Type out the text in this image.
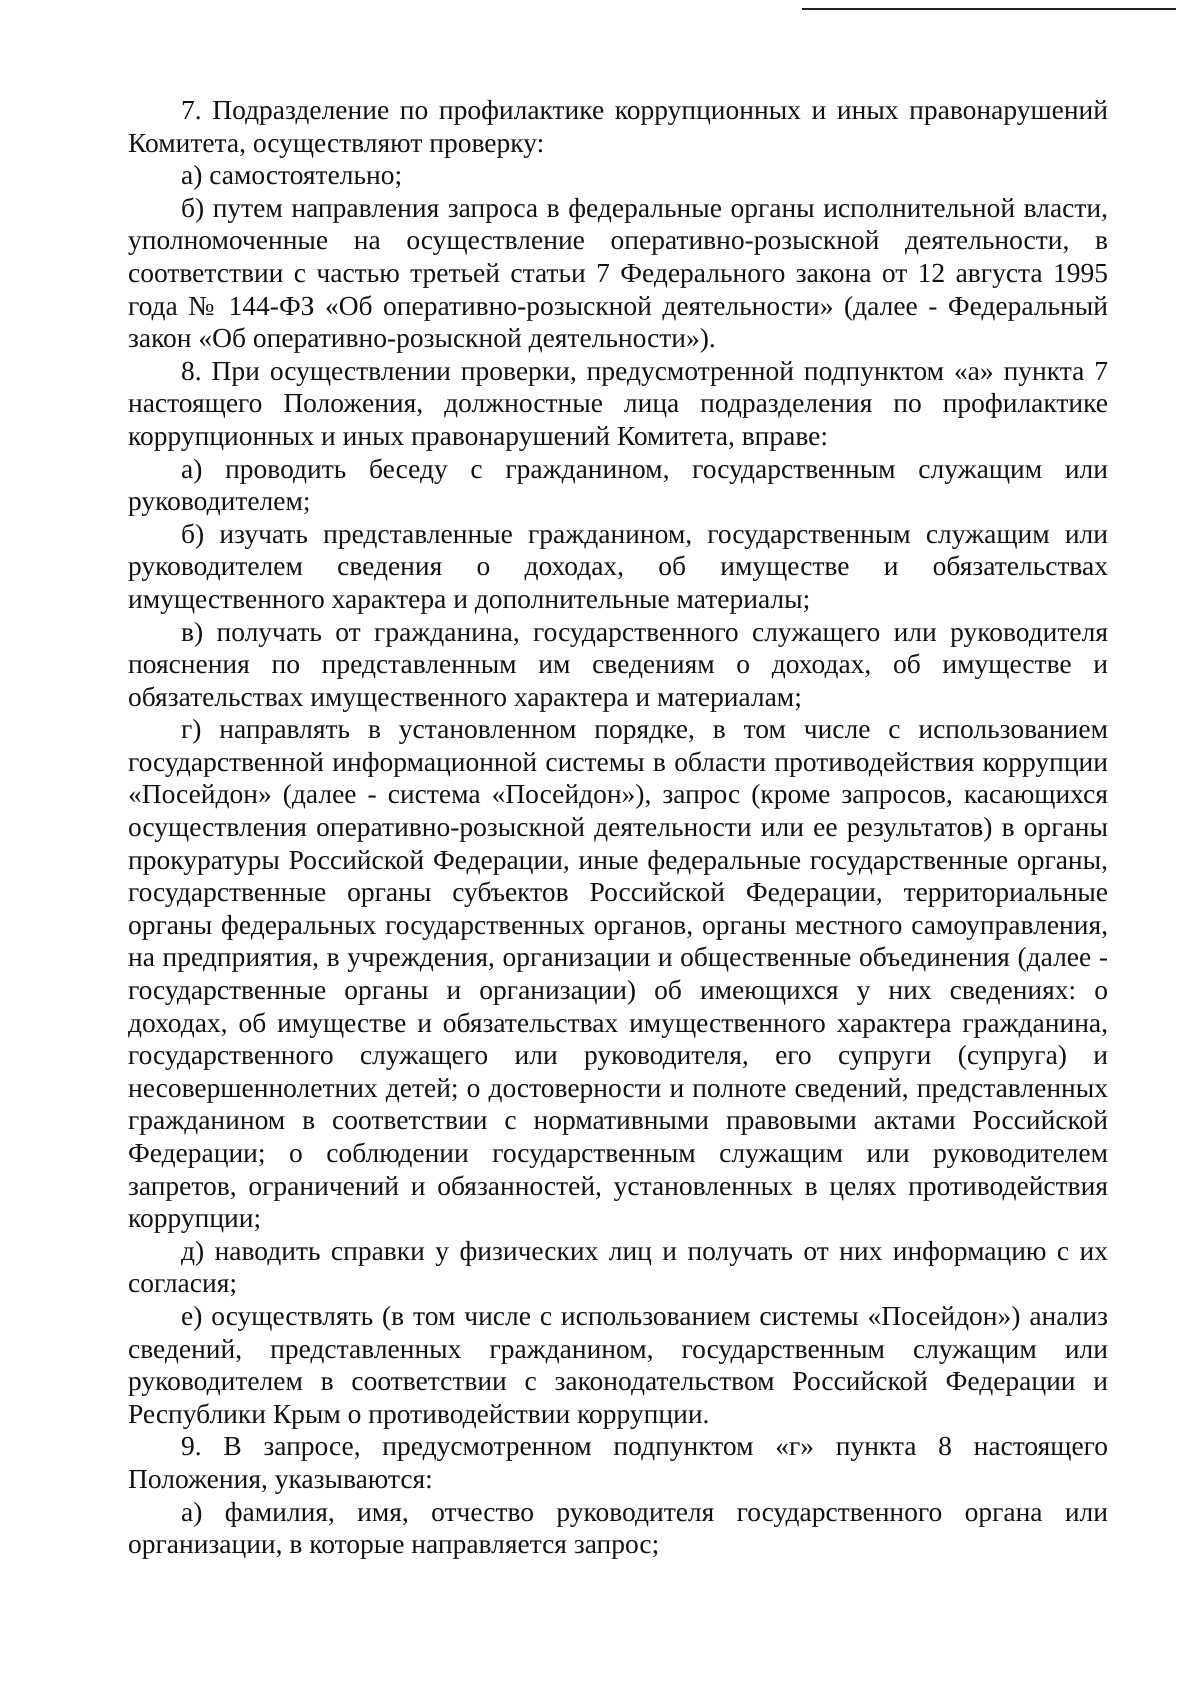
7. Подразделение по профилактике коррупционных и иных правонарушений Комитета, осуществляют проверку:

а) самостоятельно;

б) путем направления запроса в федеральные органы исполнительной власти, уполномоченные на осуществление оперативно-розыскной деятельности, в соответствии с частью третьей статьи 7 Федерального закона от 12 августа 1995 года № 144-ФЗ «Об оперативно-розыскной деятельности» (далее - Федеральный закон «Об оперативно-розыскной деятельности»).

8. При осуществлении проверки, предусмотренной подпунктом «а» пункта 7 настоящего Положения, должностные лица подразделения по профилактике коррупционных и иных правонарушений Комитета, вправе:

а) проводить беседу с гражданином, государственным служащим или руководителем;

б) изучать представленные гражданином, государственным служащим или руководителем сведения о доходах, об имуществе и обязательствах имущественного характера и дополнительные материалы;

в) получать от гражданина, государственного служащего или руководителя пояснения по представленным им сведениям о доходах, об имуществе и обязательствах имущественного характера и материалам;

г) направлять в установленном порядке, в том числе с использованием государственной информационной системы в области противодействия коррупции «Посейдон» (далее - система «Посейдон»), запрос (кроме запросов, касающихся осуществления оперативно-розыскной деятельности или ее результатов) в органы прокуратуры Российской Федерации, иные федеральные государственные органы, государственные органы субъектов Российской Федерации, территориальные органы федеральных государственных органов, органы местного самоуправления, на предприятия, в учреждения, организации и общественные объединения (далее - государственные органы и организации) об имеющихся у них сведениях: о доходах, об имуществе и обязательствах имущественного характера гражданина, государственного служащего или руководителя, его супруги (супруга) и несовершеннолетних детей; о достоверности и полноте сведений, представленных гражданином в соответствии с нормативными правовыми актами Российской Федерации; о соблюдении государственным служащим или руководителем запретов, ограничений и обязанностей, установленных в целях противодействия коррупции;

д) наводить справки у физических лиц и получать от них информацию с их согласия;

е) осуществлять (в том числе с использованием системы «Посейдон») анализ сведений, представленных гражданином, государственным служащим или руководителем в соответствии с законодательством Российской Федерации и Республики Крым о противодействии коррупции.

9. В запросе, предусмотренном подпунктом «г» пункта 8 настоящего Положения, указываются:

а) фамилия, имя, отчество руководителя государственного органа или организации, в которые направляется запрос;
